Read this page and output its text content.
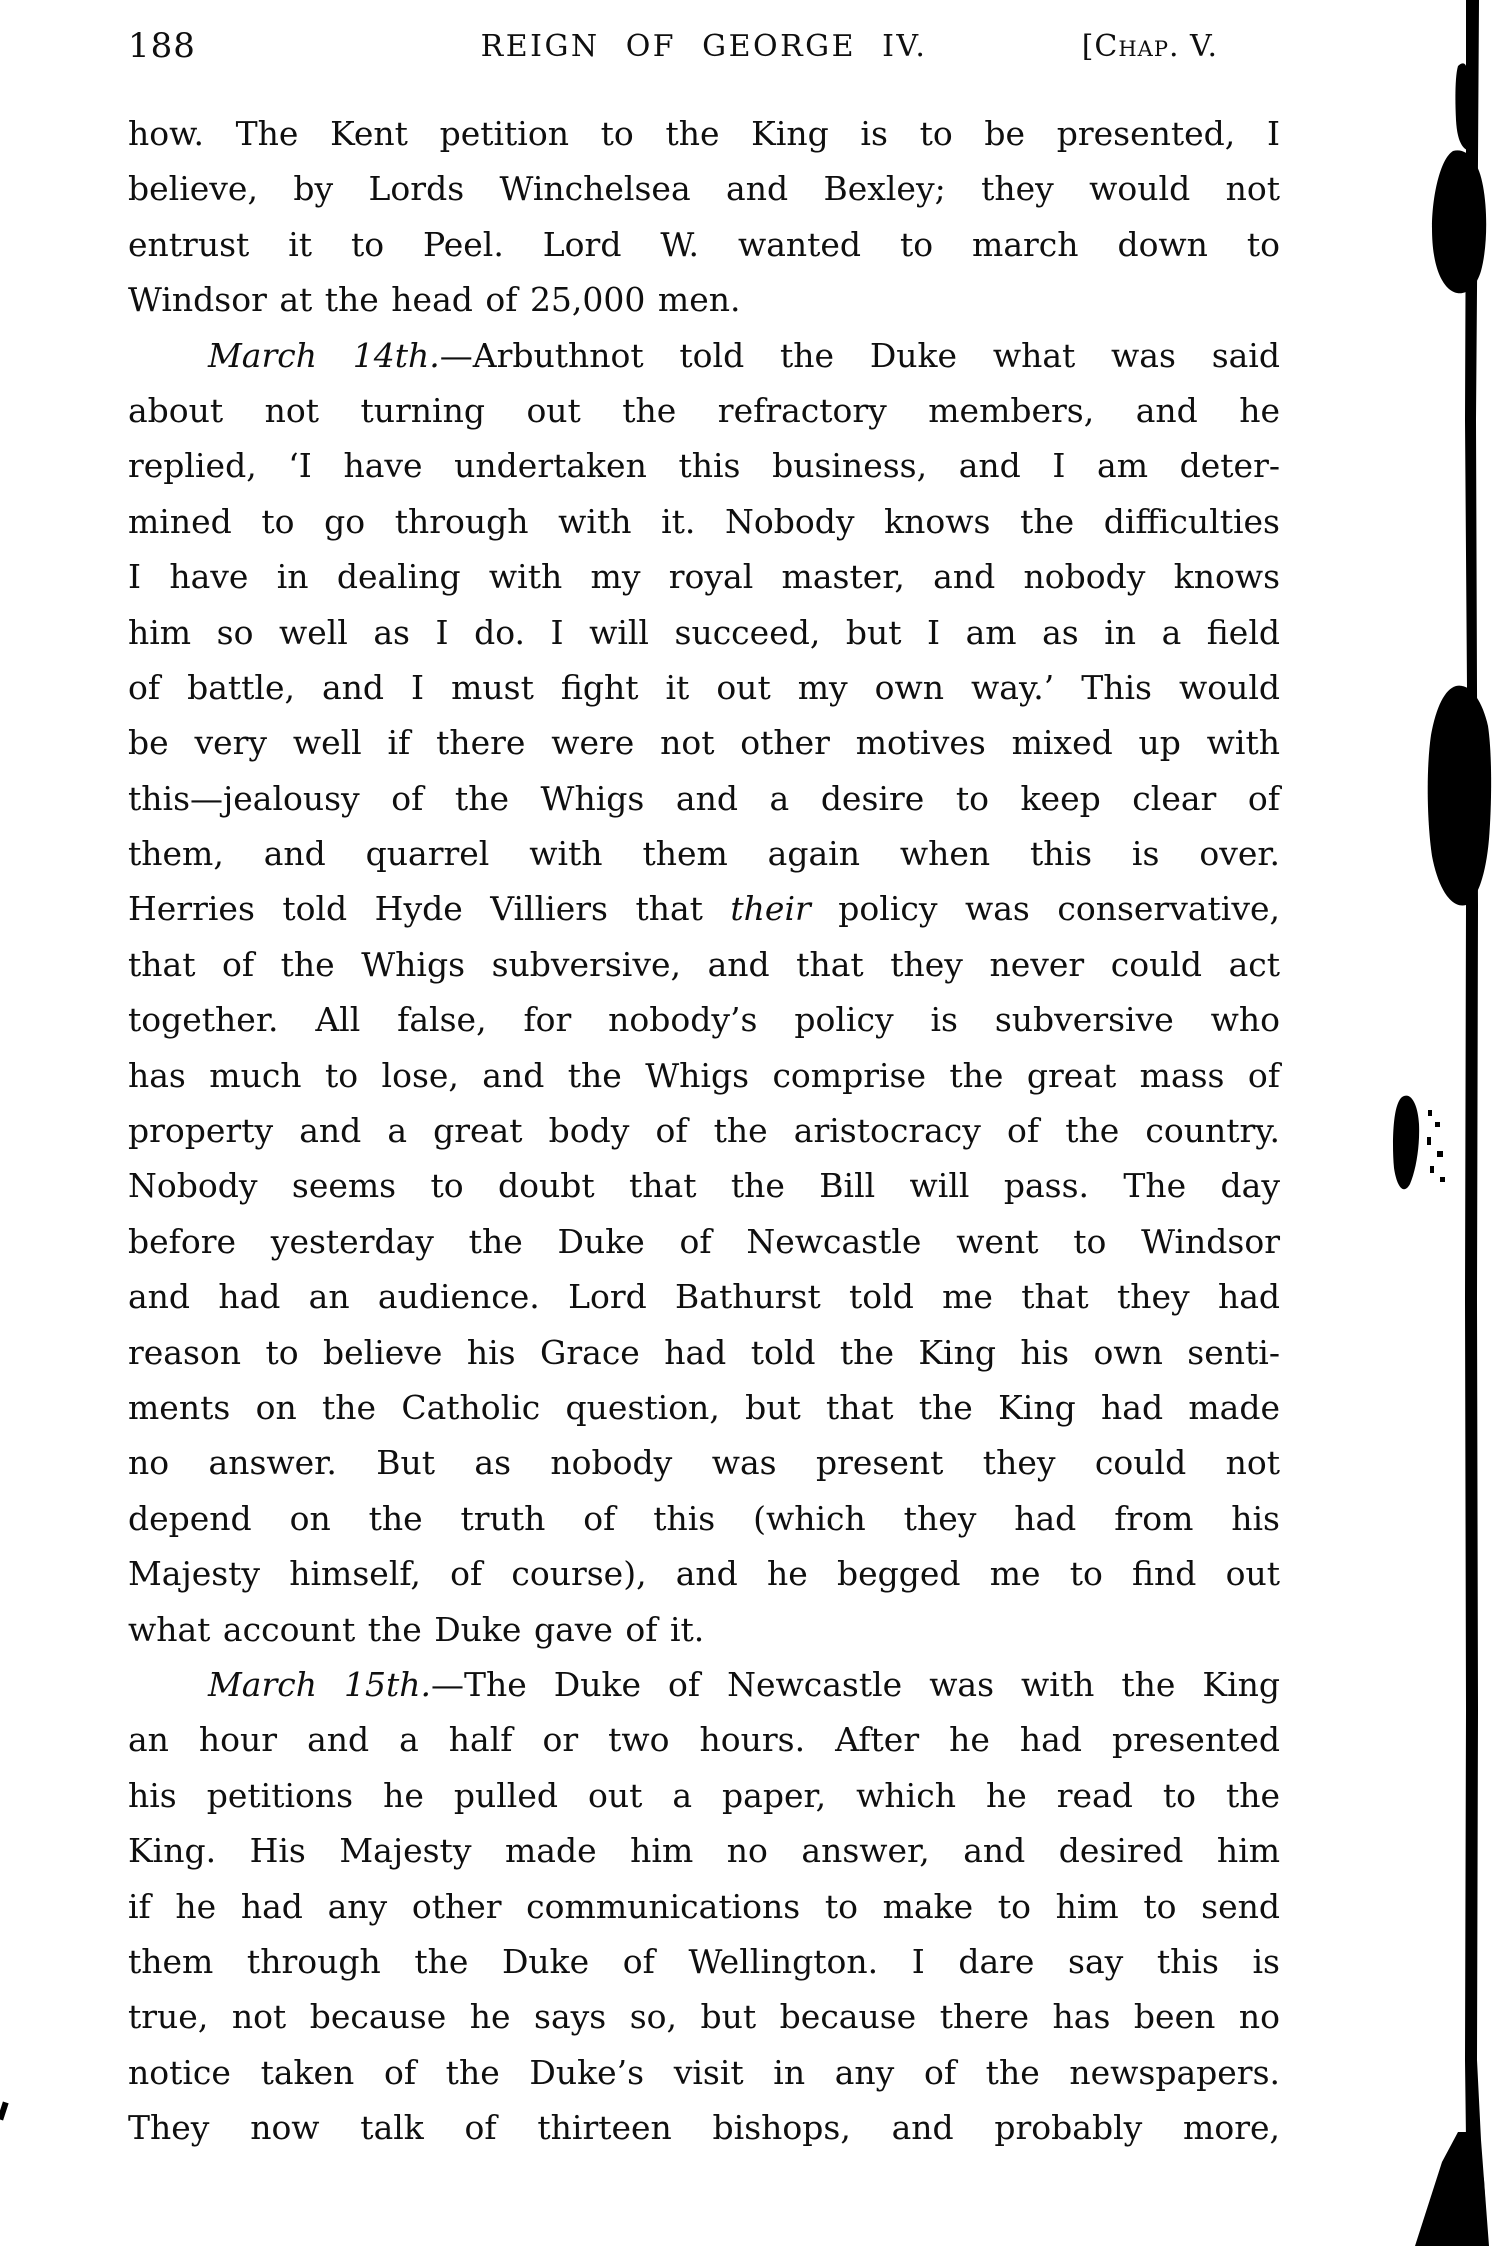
188	REIGN OF GEORGE IV.	[Chap. V.
how. The Kent petition to the King is to be presented, I
believe, by Lords Winchelsea and Bexley; they would not
entrust it to Peel. Lord W. wanted to march down to
Windsor at the head of 25,000 men.
March 14th.—Arbuthnot told the Duke what was said
about not turning out the refractory members, and he
replied, ‘I have undertaken this business, and I am deter-
mined to go through with it. Nobody knows the difficulties
I have in dealing with my royal master, and nobody knows
him so well as I do. I will succeed, but I am as in a field
of battle, and I must fight it out my own way.’ This would
be very well if there were not other motives mixed up with
this—jealousy of the Whigs and a desire to keep clear of
them, and quarrel with them again when this is over.
Herries told Hyde Villiers that their policy was conservative,
that of the Whigs subversive, and that they never could act
together. All false, for nobody’s policy is subversive who
has much to lose, and the Whigs comprise the great mass of
property and a great body of the aristocracy of the country.
Nobody seems to doubt that the Bill will pass. The day
before yesterday the Duke of Newcastle went to Windsor
and had an audience. Lord Bathurst told me that they had
reason to believe his Grace had told the King his own senti-
ments on the Catholic question, but that the King had made
no answer. But as nobody was present they could not
depend on the truth of this (which they had from his
Majesty himself, of course), and he begged me to find out
what account the Duke gave of it.
March 15th.—The Duke of Newcastle was with the King
an hour and a half or two hours. After he had presented
his petitions he pulled out a paper, which he read to the
King. His Majesty made him no answer, and desired him
if he had any other communications to make to him to send
them through the Duke of Wellington. I dare say this is
true, not because he says so, but because there has been no
notice taken of the Duke’s visit in any of the newspapers.
They now talk of thirteen bishops, and probably more,
